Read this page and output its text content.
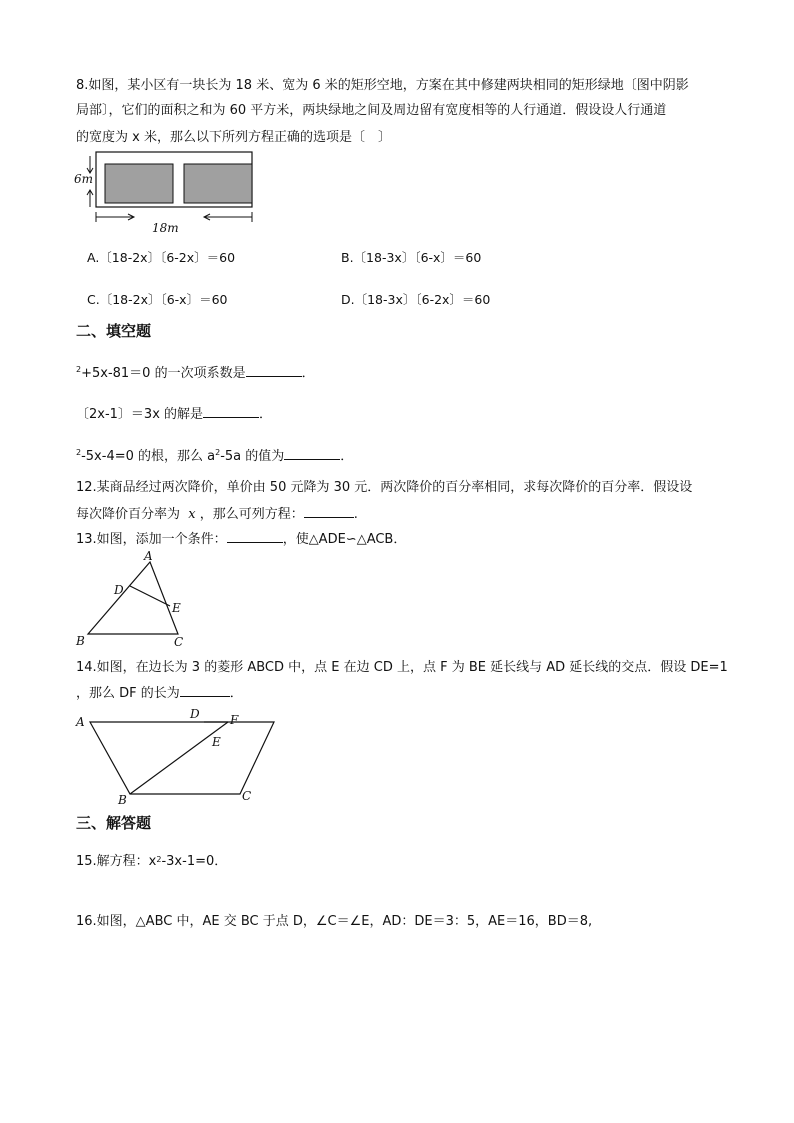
8.如图，某小区有一块长为 18 米、宽为 6 米的矩形空地，方案在其中修建两块相同的矩形绿地〔图中阴影
局部〕，它们的面积之和为 60 平方米，两块绿地之间及周边留有宽度相等的人行通道．假设设人行通道
的宽度为 x 米，那么以下所列方程正确的选项是〔　〕
6m
18m
A.〔18-2x〕〔6-2x〕＝60	B.〔18-3x〕〔6-x〕＝60
C.〔18-2x〕〔6-x〕＝60	D.〔18-3x〕〔6-2x〕＝60
二、填空题
$^2$+5x-81＝0 的一次项系数是	．
〔2x-1〕＝3x 的解是	．
$^2$-5x-4=0 的根，那么 $a^2-5a$ 的值为	．
12.某商品经过两次降价，单价由 50 元降为 30 元．两次降价的百分率相同，求每次降价的百分率．假设设
每次降价百分率为 x ，那么可列方程：	.
13.如图，添加一个条件：	，使△ADE∽△ACB．
A
B	C
D
E
14.如图，在边长为 3 的菱形 ABCD 中，点 E 在边 CD 上，点 F 为 BE 延长线与 AD 延长线的交点．假设 DE=1
，那么 DF 的长为	．
A
B	C
D
E
F
三、解答题
15.解方程：$x^2-3x-1=0$．
16.如图，△ABC 中，AE 交 BC 于点 D，∠C＝∠E，AD：DE＝3：5，AE＝16，BD＝8,
